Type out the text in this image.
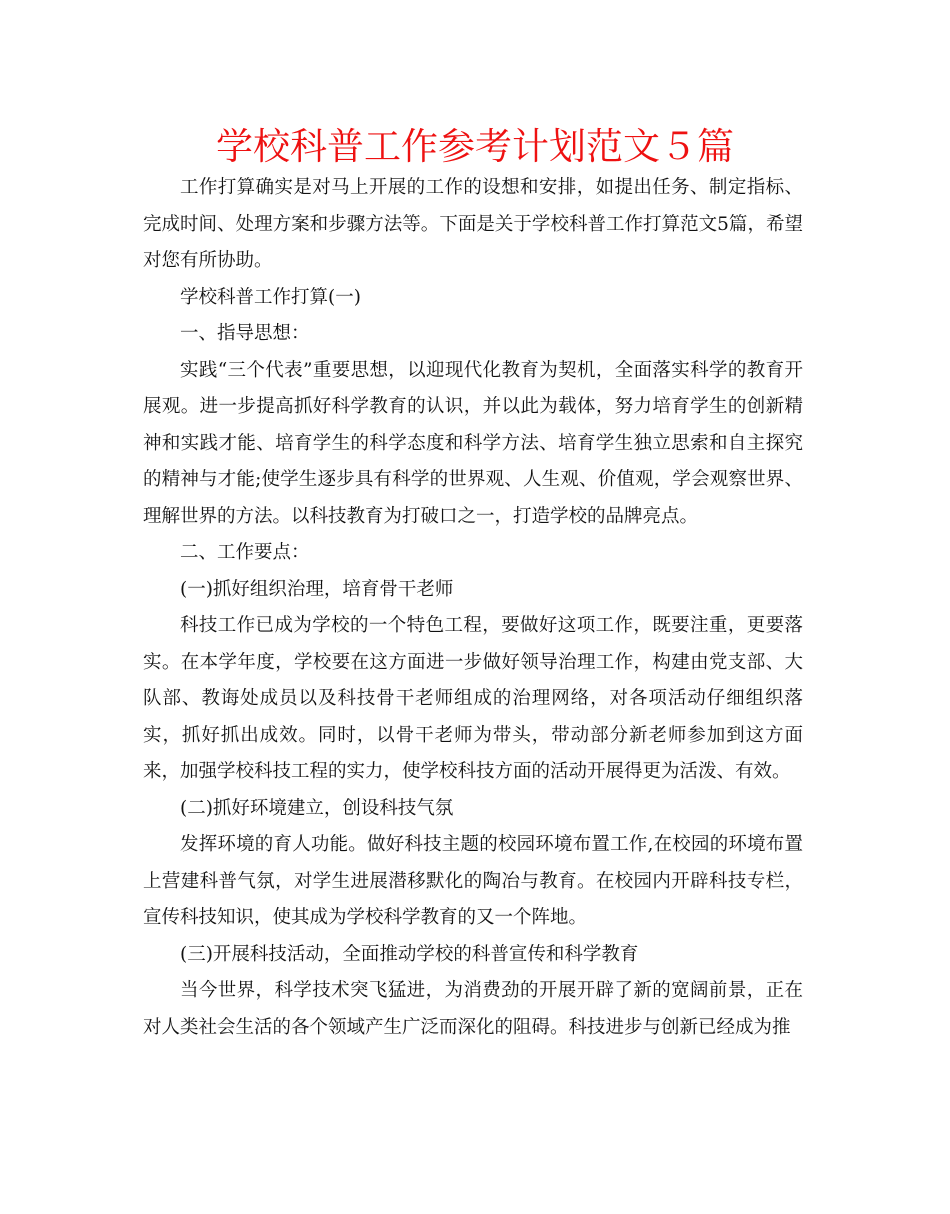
学校科普工作参考计划范文５篇

工作打算确实是对马上开展的工作的设想和安排，如提出任务、制定指标、完成时间、处理方案和步骤方法等。下面是关于学校科普工作打算范文5篇，希望对您有所协助。

学校科普工作打算(一)

一、指导思想：

实践“三个代表”重要思想，以迎现代化教育为契机，全面落实科学的教育开展观。进一步提高抓好科学教育的认识，并以此为载体，努力培育学生的创新精神和实践才能、培育学生的科学态度和科学方法、培育学生独立思索和自主探究的精神与才能;使学生逐步具有科学的世界观、人生观、价值观，学会观察世界、理解世界的方法。以科技教育为打破口之一，打造学校的品牌亮点。

二、工作要点：

(一)抓好组织治理，培育骨干老师

科技工作已成为学校的一个特色工程，要做好这项工作，既要注重，更要落实。在本学年度，学校要在这方面进一步做好领导治理工作，构建由党支部、大队部、教诲处成员以及科技骨干老师组成的治理网络，对各项活动仔细组织落实，抓好抓出成效。同时，以骨干老师为带头，带动部分新老师参加到这方面来，加强学校科技工程的实力，使学校科技方面的活动开展得更为活泼、有效。

(二)抓好环境建立，创设科技气氛

发挥环境的育人功能。做好科技主题的校园环境布置工作,在校园的环境布置上营建科普气氛，对学生进展潜移默化的陶冶与教育。在校园内开辟科技专栏，宣传科技知识，使其成为学校科学教育的又一个阵地。

(三)开展科技活动，全面推动学校的科普宣传和科学教育

当今世界，科学技术突飞猛进，为消费劲的开展开辟了新的宽阔前景，正在对人类社会生活的各个领域产生广泛而深化的阻碍。科技进步与创新已经成为推
